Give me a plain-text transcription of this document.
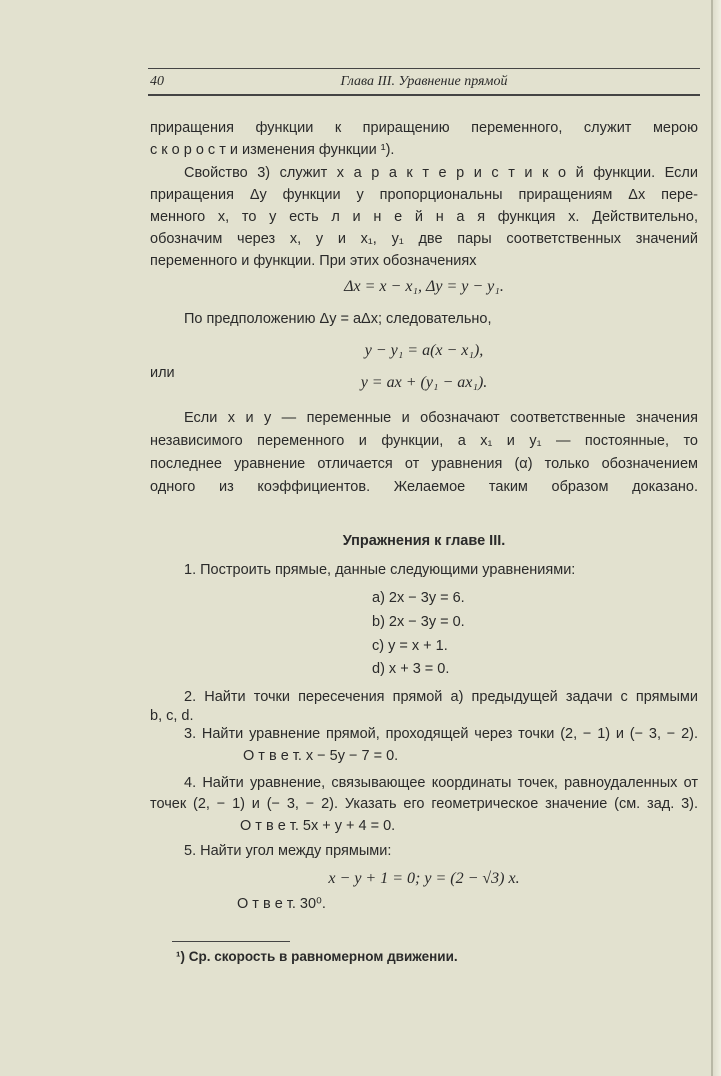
40	Глава III. Уравнение прямой
приращения функции к приращению переменного, служит мерою
с к о р о с т и изменения функции ¹).
Свойство 3) служит х а р а к т е р и с т и к о й функции. Если
приращения Δy функции y пропорциональны приращениям Δx пере-
менного x, то y есть л и н е й н а я функция x. Действительно,
обозначим через x, y и x₁, y₁ две пары соответственных значений
переменного и функции. При этих обозначениях
Δx = x − x₁, Δy = y − y₁.
По предположению Δy = aΔx; следовательно,
y − y₁ = a(x − x₁),
или
y = ax + (y₁ − ax₁).
Если x и y — переменные и обозначают соответственные значения
независимого переменного и функции, а x₁ и y₁ — постоянные, то
последнее уравнение отличается от уравнения (α) только обозначением
одного из коэффициентов. Желаемое таким образом доказано.
Упражнения к главе III.
1. Построить прямые, данные следующими уравнениями:
a) 2x − 3y = 6.
b) 2x − 3y = 0.
c) y = x + 1.
d) x + 3 = 0.
2. Найти точки пересечения прямой a) предыдущей задачи с прямыми
b, c, d.
3. Найти уравнение прямой, проходящей через точки (2, − 1) и (− 3, − 2).
О т в е т. x − 5y − 7 = 0.
4. Найти уравнение, связывающее координаты точек, равноудаленных от
точек (2, − 1) и (− 3, − 2). Указать его геометрическое значение (см. зад. 3).
О т в е т. 5x + y + 4 = 0.
5. Найти угол между прямыми:
x − y + 1 = 0; y = (2 − √3) x.
О т в е т. 30⁰.
¹) Ср. скорость в равномерном движении.
